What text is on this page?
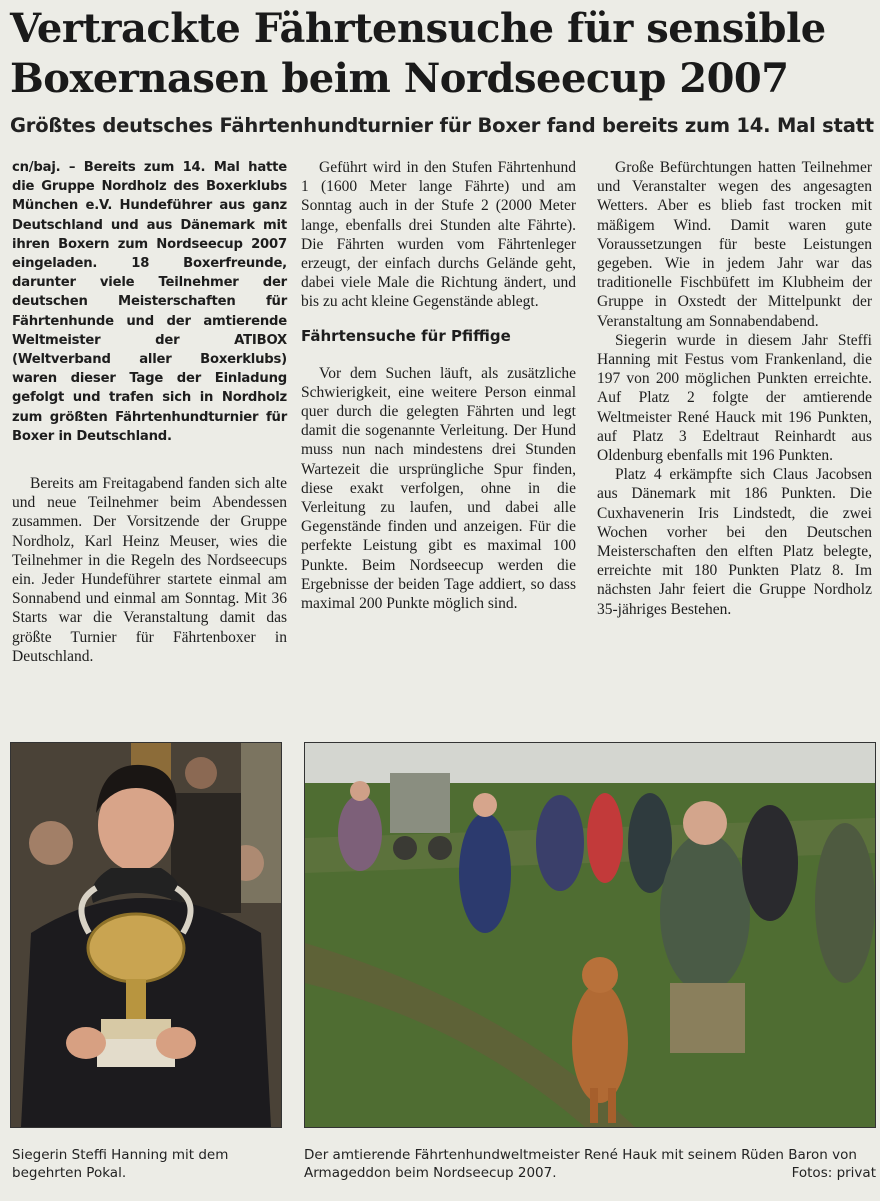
Vertrackte Fährtensuche für sensible
Boxernasen beim Nordseecup 2007
Größtes deutsches Fährtenhundturnier für Boxer fand bereits zum 14. Mal statt

cn/baj. – Bereits zum 14. Mal hatte die Gruppe Nordholz des Boxerklubs München e.V. Hundeführer aus ganz Deutschland und aus Dänemark mit ihren Boxern zum Nordseecup 2007 eingeladen. 18 Boxerfreunde, darunter viele Teilnehmer der deutschen Meisterschaften für Fährtenhunde und der amtierende Weltmeister der ATIBOX (Weltverband aller Boxerklubs) waren dieser Tage der Einladung gefolgt und trafen sich in Nordholz zum größten Fährtenhundturnier für Boxer in Deutschland.

Bereits am Freitagabend fanden sich alte und neue Teilnehmer beim Abendessen zusammen. Der Vorsitzende der Gruppe Nordholz, Karl Heinz Meuser, wies die Teilnehmer in die Regeln des Nordseecups ein. Jeder Hundeführer startete einmal am Sonnabend und einmal am Sonntag. Mit 36 Starts war die Veranstaltung damit das größte Turnier für Fährtenboxer in Deutschland.

Geführt wird in den Stufen Fährtenhund 1 (1600 Meter lange Fährte) und am Sonntag auch in der Stufe 2 (2000 Meter lange, ebenfalls drei Stunden alte Fährte). Die Fährten wurden vom Fährtenleger erzeugt, der einfach durchs Gelände geht, dabei viele Male die Richtung ändert, und bis zu acht kleine Gegenstände ablegt.

Fährtensuche für Pfiffige

Vor dem Suchen läuft, als zusätzliche Schwierigkeit, eine weitere Person einmal quer durch die gelegten Fährten und legt damit die sogenannte Verleitung. Der Hund muss nun nach mindestens drei Stunden Wartezeit die ursprüngliche Spur finden, diese exakt verfolgen, ohne in die Verleitung zu laufen, und dabei alle Gegenstände finden und anzeigen. Für die perfekte Leistung gibt es maximal 100 Punkte. Beim Nordseecup werden die Ergebnisse der beiden Tage addiert, so dass maximal 200 Punkte möglich sind.

Große Befürchtungen hatten Teilnehmer und Veranstalter wegen des angesagten Wetters. Aber es blieb fast trocken mit mäßigem Wind. Damit waren gute Voraussetzungen für beste Leistungen gegeben. Wie in jedem Jahr war das traditionelle Fischbüfett im Klubheim der Gruppe in Oxstedt der Mittelpunkt der Veranstaltung am Sonnabendabend.

Siegerin wurde in diesem Jahr Steffi Hanning mit Festus vom Frankenland, die 197 von 200 möglichen Punkten erreichte. Auf Platz 2 folgte der amtierende Weltmeister René Hauck mit 196 Punkten, auf Platz 3 Edeltraut Reinhardt aus Oldenburg ebenfalls mit 196 Punkten.

Platz 4 erkämpfte sich Claus Jacobsen aus Dänemark mit 186 Punkten. Die Cuxhavenerin Iris Lindstedt, die zwei Wochen vorher bei den Deutschen Meisterschaften den elften Platz belegte, erreichte mit 180 Punkten Platz 8. Im nächsten Jahr feiert die Gruppe Nordholz 35-jähriges Bestehen.

Siegerin Steffi Hanning mit dem begehrten Pokal.
Der amtierende Fährtenhundweltmeister René Hauk mit seinem Rüden Baron von Armageddon beim Nordseecup 2007.	Fotos: privat
